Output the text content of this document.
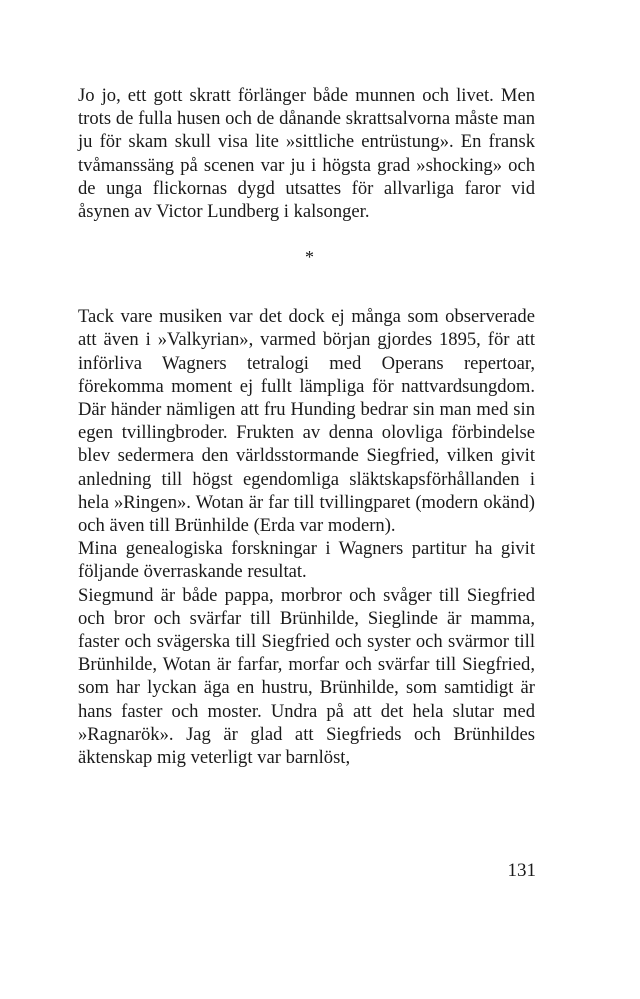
Jo jo, ett gott skratt förlänger både munnen och livet. Men trots de fulla husen och de dånande skrattsalvorna måste man ju för skam skull visa lite »sittliche entrüstung». En fransk tvåmanssäng på scenen var ju i högsta grad »shocking» och de unga flickornas dygd utsattes för allvarliga faror vid åsynen av Victor Lundberg i kalsonger.

*

Tack vare musiken var det dock ej många som observerade att även i »Valkyrian», varmed början gjordes 1895, för att införliva Wagners tetralogi med Operans repertoar, förekomma moment ej fullt lämpliga för nattvardsungdom. Där händer nämligen att fru Hunding bedrar sin man med sin egen tvillingbroder. Frukten av denna olovliga förbindelse blev sedermera den världsstormande Siegfried, vilken givit anledning till högst egendomliga släktskapsförhållanden i hela »Ringen». Wotan är far till tvillingparet (modern okänd) och även till Brünhilde (Erda var modern).

Mina genealogiska forskningar i Wagners partitur ha givit följande överraskande resultat.

Siegmund är både pappa, morbror och svåger till Siegfried och bror och svärfar till Brünhilde, Sieglinde är mamma, faster och svägerska till Siegfried och syster och svärmor till Brünhilde, Wotan är farfar, morfar och svärfar till Siegfried, som har lyckan äga en hustru, Brünhilde, som samtidigt är hans faster och moster. Undra på att det hela slutar med »Ragnarök». Jag är glad att Siegfrieds och Brünhildes äktenskap mig veterligt var barnlöst,

131
